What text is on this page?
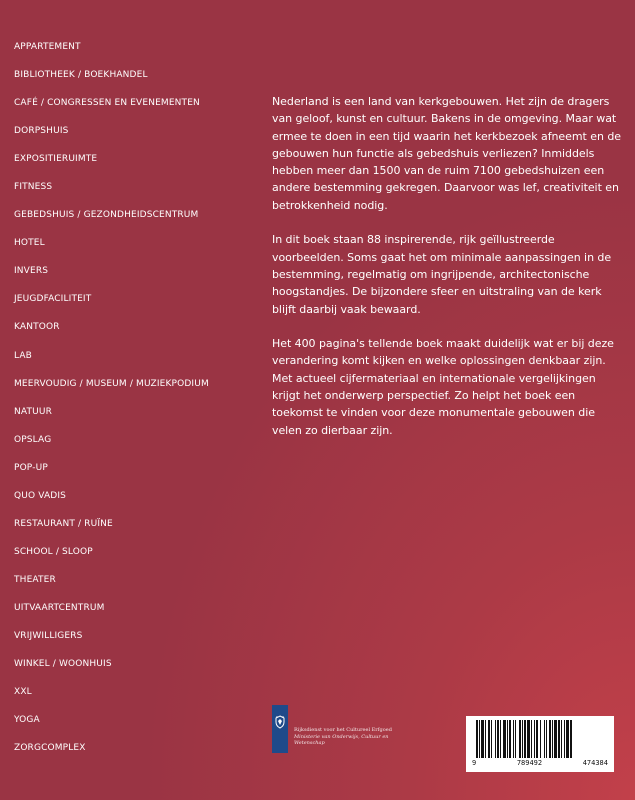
APPARTEMENT
BIBLIOTHEEK / BOEKHANDEL
CAFÉ / CONGRESSEN EN EVENEMENTEN
DORPSHUIS
EXPOSITIERUIMTE
FITNESS
GEBEDSHUIS / GEZONDHEIDSCENTRUM
HOTEL
INVERS
JEUGDFACILITEIT
KANTOOR
LAB
MEERVOUDIG / MUSEUM / MUZIEKPODIUM
NATUUR
OPSLAG
POP-UP
QUO VADIS
RESTAURANT / RUÏNE
SCHOOL / SLOOP
THEATER
UITVAARTCENTRUM
VRIJWILLIGERS
WINKEL / WOONHUIS
XXL
YOGA
ZORGCOMPLEX

Nederland is een land van kerkgebouwen. Het zijn de dragers van geloof, kunst en cultuur. Bakens in de omgeving. Maar wat ermee te doen in een tijd waarin het kerkbezoek afneemt en de gebouwen hun functie als gebedshuis verliezen? Inmiddels hebben meer dan 1500 van de ruim 7100 gebedshuizen een andere bestemming gekregen. Daarvoor was lef, creativiteit en betrokkenheid nodig.

In dit boek staan 88 inspirerende, rijk geïllustreerde voorbeelden. Soms gaat het om minimale aanpassingen in de bestemming, regelmatig om ingrijpende, architectonische hoogstandjes. De bijzondere sfeer en uitstraling van de kerk blijft daarbij vaak bewaard.

Het 400 pagina's tellende boek maakt duidelijk wat er bij deze verandering komt kijken en welke oplossingen denkbaar zijn. Met actueel cijfermateriaal en internationale vergelijkingen krijgt het onderwerp perspectief. Zo helpt het boek een toekomst te vinden voor deze monumentale gebouwen die velen zo dierbaar zijn.

Rijksdienst voor het Cultureel Erfgoed
Ministerie van Onderwijs, Cultuur en
Wetenschap
9	789492	474384
